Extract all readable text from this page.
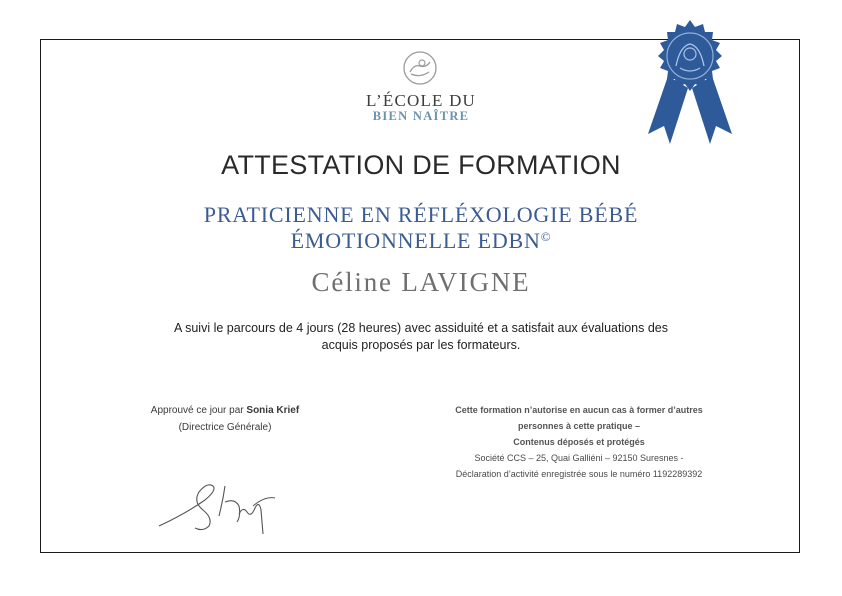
L’ÉCOLE DU
BIEN NAÎTRE
ATTESTATION DE FORMATION
PRATICIENNE EN RÉFLÉXOLOGIE BÉBÉ
ÉMOTIONNELLE EDBN©
Céline LAVIGNE
A suivi le parcours de 4 jours (28 heures) avec assiduité et a satisfait aux évaluations des
acquis proposés par les formateurs.
Approuvé ce jour par Sonia Krief
(Directrice Générale)
Cette formation n’autorise en aucun cas à former d’autres
personnes à cette pratique –
Contenus déposés et protégés
Société CCS – 25, Quai Galliéni – 92150 Suresnes -
Déclaration d’activité enregistrée sous le numéro 1192289392
